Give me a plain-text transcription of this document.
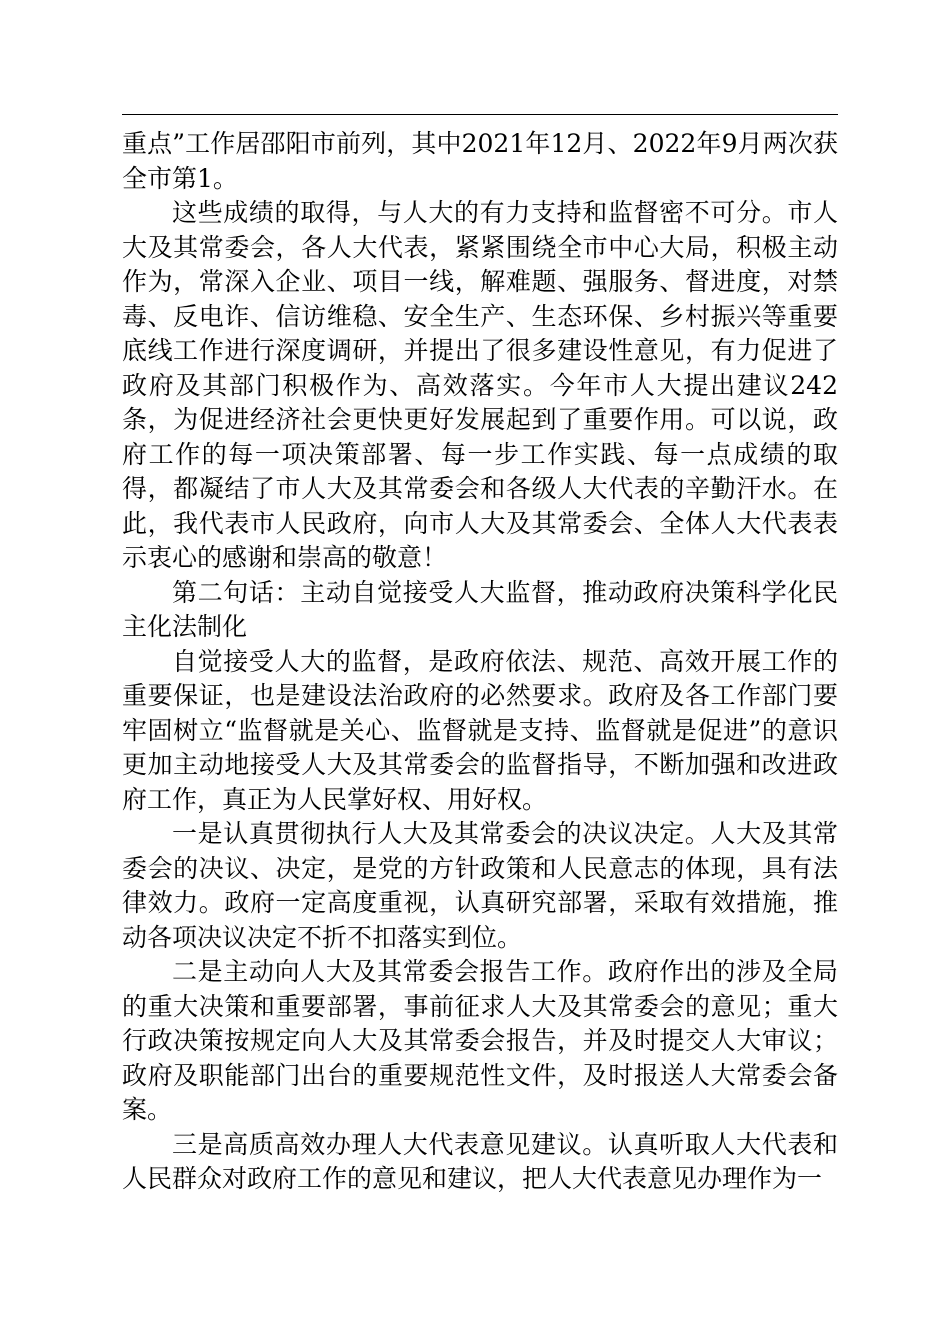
重点”工作居邵阳市前列，其中2021年12月、2022年9月两次获全市第1。

这些成绩的取得，与人大的有力支持和监督密不可分。市人大及其常委会，各人大代表，紧紧围绕全市中心大局，积极主动作为，常深入企业、项目一线，解难题、强服务、督进度，对禁毒、反电诈、信访维稳、安全生产、生态环保、乡村振兴等重要底线工作进行深度调研，并提出了很多建设性意见，有力促进了政府及其部门积极作为、高效落实。今年市人大提出建议242条，为促进经济社会更快更好发展起到了重要作用。可以说，政府工作的每一项决策部署、每一步工作实践、每一点成绩的取得，都凝结了市人大及其常委会和各级人大代表的辛勤汗水。在此，我代表市人民政府，向市人大及其常委会、全体人大代表表示衷心的感谢和崇高的敬意！

第二句话：主动自觉接受人大监督，推动政府决策科学化民主化法制化

自觉接受人大的监督，是政府依法、规范、高效开展工作的重要保证，也是建设法治政府的必然要求。政府及各工作部门要牢固树立“监督就是关心、监督就是支持、监督就是促进”的意识更加主动地接受人大及其常委会的监督指导，不断加强和改进政府工作，真正为人民掌好权、用好权。

一是认真贯彻执行人大及其常委会的决议决定。人大及其常委会的决议、决定，是党的方针政策和人民意志的体现，具有法律效力。政府一定高度重视，认真研究部署，采取有效措施，推动各项决议决定不折不扣落实到位。

二是主动向人大及其常委会报告工作。政府作出的涉及全局的重大决策和重要部署，事前征求人大及其常委会的意见；重大行政决策按规定向人大及其常委会报告，并及时提交人大审议；政府及职能部门出台的重要规范性文件，及时报送人大常委会备案。

三是高质高效办理人大代表意见建议。认真听取人大代表和人民群众对政府工作的意见和建议，把人大代表意见办理作为一
